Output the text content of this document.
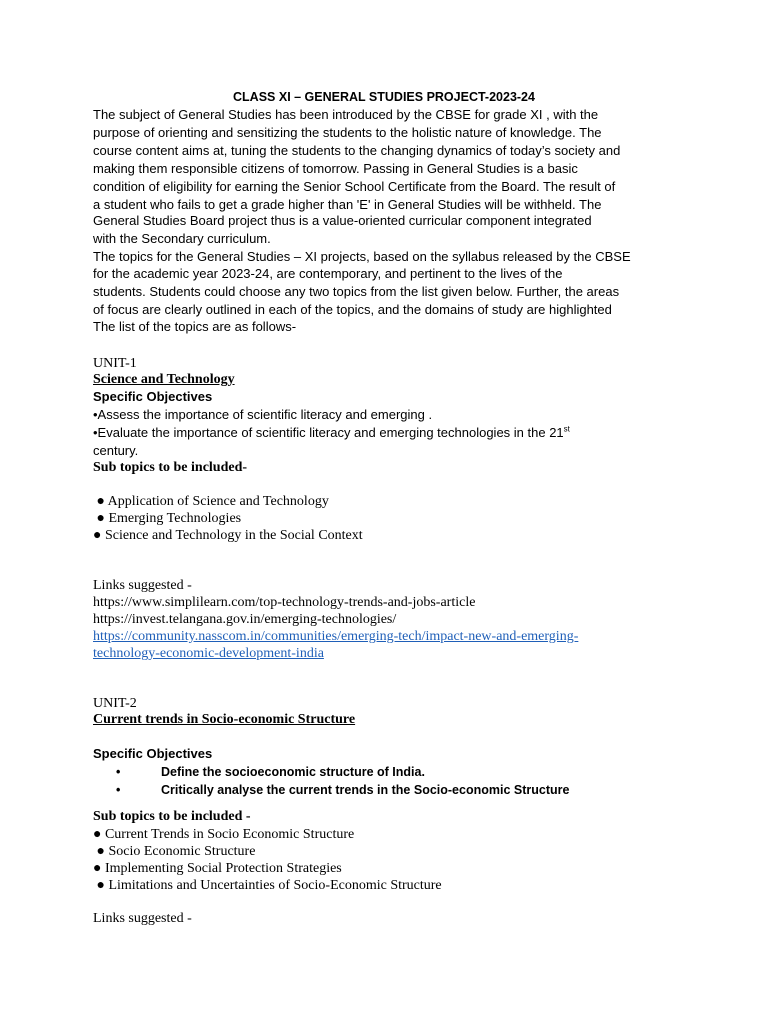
CLASS XI – GENERAL STUDIES PROJECT-2023-24
The subject of General Studies has been introduced by the CBSE for grade XI , with the
purpose of orienting and sensitizing the students to the holistic nature of knowledge. The
course content aims at, tuning the students to the changing dynamics of today’s society and
making them responsible citizens of tomorrow. Passing in General Studies is a basic
condition of eligibility for earning the Senior School Certificate from the Board. The result of
a student who fails to get a grade higher than 'E' in General Studies will be withheld. The
General Studies Board project thus is a value-oriented curricular component integrated
with the Secondary curriculum.
The topics for the General Studies – XI projects, based on the syllabus released by the CBSE
for the academic year 2023-24, are contemporary, and pertinent to the lives of the
students. Students could choose any two topics from the list given below. Further, the areas
of focus are clearly outlined in each of the topics, and the domains of study are highlighted
The list of the topics are as follows-
UNIT-1
Science and Technology
Specific Objectives
•Assess the importance of scientific literacy and emerging .
•Evaluate the importance of scientific literacy and emerging technologies in the 21st
century.
Sub topics to be included-
● Application of Science and Technology
● Emerging Technologies
● Science and Technology in the Social Context
Links suggested -
https://www.simplilearn.com/top-technology-trends-and-jobs-article
https://invest.telangana.gov.in/emerging-technologies/
https://community.nasscom.in/communities/emerging-tech/impact-new-and-emerging-
technology-economic-development-india
UNIT-2
Current trends in Socio-economic Structure
Specific Objectives
•	Define the socioeconomic structure of India.
•	Critically analyse the current trends in the Socio-economic Structure
Sub topics to be included -
● Current Trends in Socio Economic Structure
● Socio Economic Structure
● Implementing Social Protection Strategies
● Limitations and Uncertainties of Socio-Economic Structure
Links suggested -
